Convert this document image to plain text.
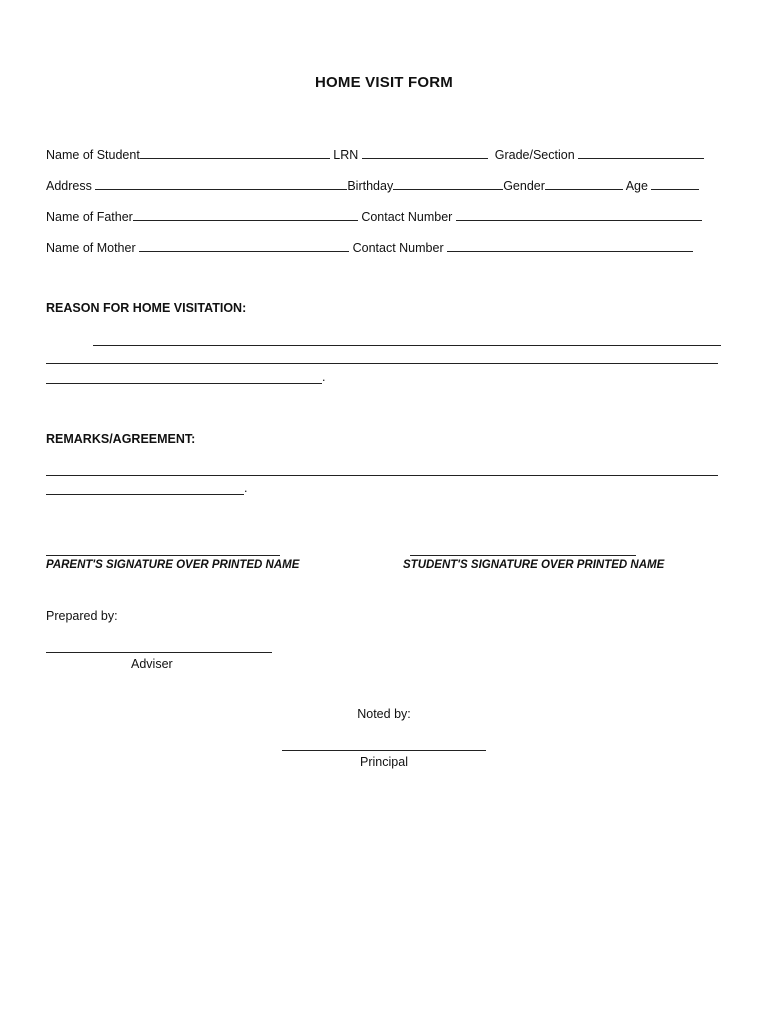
HOME VISIT FORM
Name of Student	LRN	Grade/Section
Address	Birthday	Gender	Age
Name of Father	Contact Number
Name of Mother	Contact Number
REASON FOR HOME VISITATION:
.
REMARKS/AGREEMENT:
.
PARENT'S SIGNATURE OVER PRINTED NAME	STUDENT'S SIGNATURE OVER PRINTED NAME
Prepared by:
Adviser
Noted by:
Principal
